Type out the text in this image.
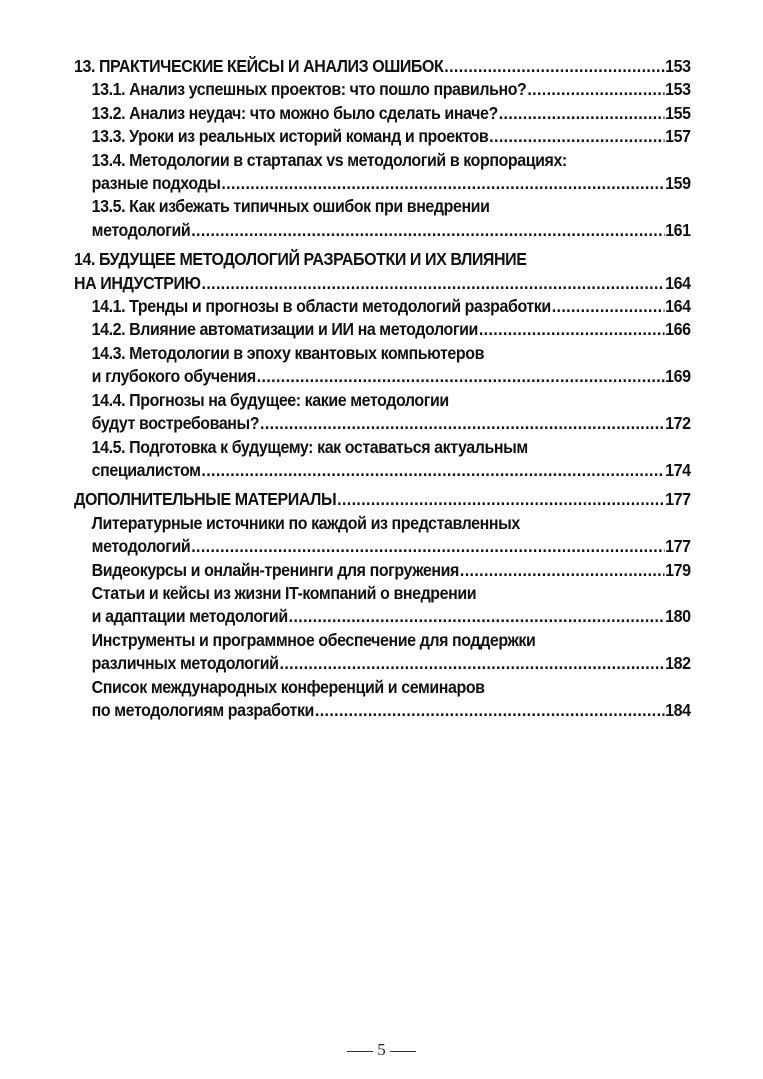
13. ПРАКТИЧЕСКИЕ КЕЙСЫ И АНАЛИЗ ОШИБОК .....	153
13.1. Анализ успешных проектов: что пошло правильно? .....	153
13.2. Анализ неудач: что можно было сделать иначе? .....	155
13.3. Уроки из реальных историй команд и проектов .....	157
13.4. Методологии в стартапах vs методологий в корпорациях:
разные подходы .....	159
13.5. Как избежать типичных ошибок при внедрении
методологий .....	161
14. БУДУЩЕЕ МЕТОДОЛОГИЙ РАЗРАБОТКИ И ИХ ВЛИЯНИЕ
НА ИНДУСТРИЮ .....	164
14.1. Тренды и прогнозы в области методологий разработки .....	164
14.2. Влияние автоматизации и ИИ на методологии .....	166
14.3. Методологии в эпоху квантовых компьютеров
и глубокого обучения .....	169
14.4. Прогнозы на будущее: какие методологии
будут востребованы? .....	172
14.5. Подготовка к будущему: как оставаться актуальным
специалистом .....	174
ДОПОЛНИТЕЛЬНЫЕ МАТЕРИАЛЫ .....	177
Литературные источники по каждой из представленных
методологий .....	177
Видеокурсы и онлайн-тренинги для погружения .....	179
Статьи и кейсы из жизни IT-компаний о внедрении
и адаптации методологий .....	180
Инструменты и программное обеспечение для поддержки
различных методологий .....	182
Список международных конференций и семинаров
по методологиям разработки .....	184
5
